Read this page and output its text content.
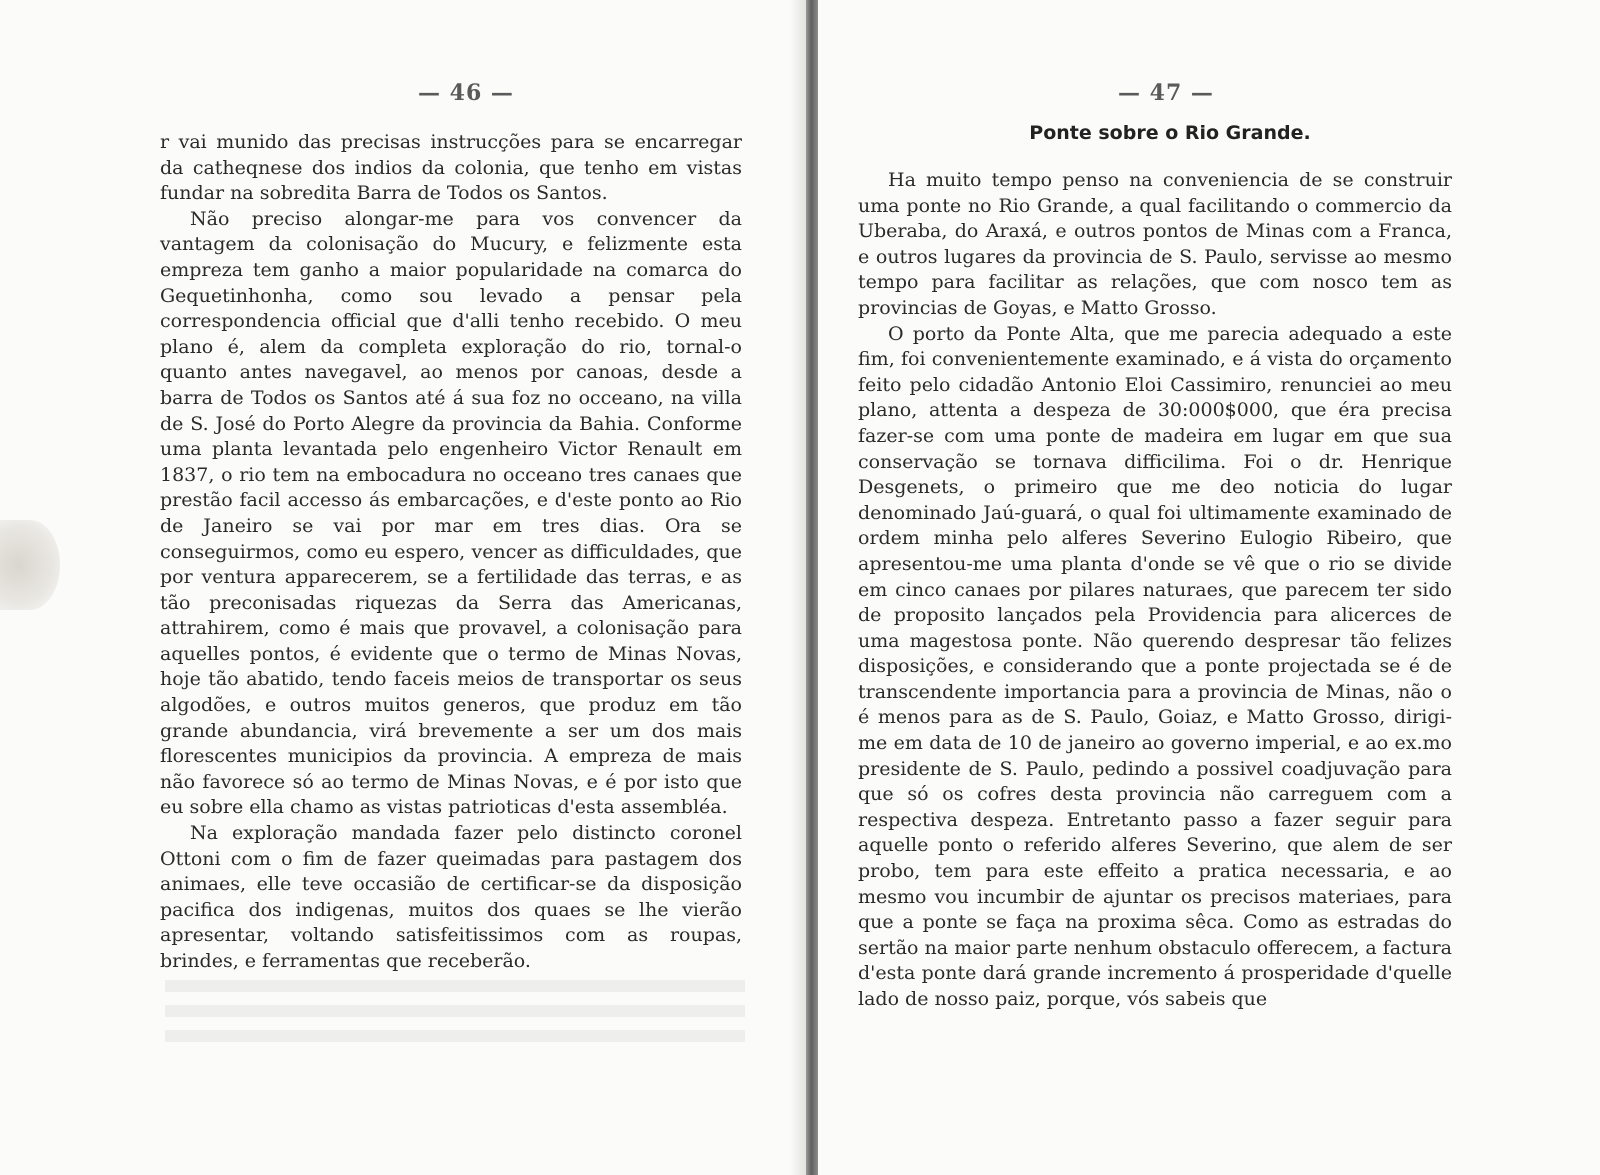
— 46 —

r vai munido das precisas instrucções para se encarregar da catheqnese dos indios da colonia, que tenho em vistas fundar na sobredita Barra de Todos os Santos.

Não preciso alongar-me para vos convencer da vantagem da colonisação do Mucury, e felizmente esta empreza tem ganho a maior popularidade na comarca do Gequetinhonha, como sou levado a pensar pela correspondencia official que d'alli tenho recebido. O meu plano é, alem da completa exploração do rio, tornal-o quanto antes navegavel, ao menos por canoas, desde a barra de Todos os Santos até á sua foz no occeano, na villa de S. José do Porto Alegre da provincia da Bahia. Conforme uma planta levantada pelo engenheiro Victor Renault em 1837, o rio tem na embocadura no occeano tres canaes que prestão facil accesso ás embarcações, e d'este ponto ao Rio de Janeiro se vai por mar em tres dias. Ora se conseguirmos, como eu espero, vencer as difficuldades, que por ventura apparecerem, se a fertilidade das terras, e as tão preconisadas riquezas da Serra das Americanas, attrahirem, como é mais que provavel, a colonisação para aquelles pontos, é evidente que o termo de Minas Novas, hoje tão abatido, tendo faceis meios de transportar os seus algodões, e outros muitos generos, que produz em tão grande abundancia, virá brevemente a ser um dos mais florescentes municipios da provincia. A empreza de mais não favorece só ao termo de Minas Novas, e é por isto que eu sobre ella chamo as vistas patrioticas d'esta assembléa.

Na exploração mandada fazer pelo distincto coronel Ottoni com o fim de fazer queimadas para pastagem dos animaes, elle teve occasião de certificar-se da disposição pacifica dos indigenas, muitos dos quaes se lhe vierão apresentar, voltando satisfeitissimos com as roupas, brindes, e ferramentas que receberão.

— 47 —
Ponte sobre o Rio Grande.

Ha muito tempo penso na conveniencia de se construir uma ponte no Rio Grande, a qual facilitando o commercio da Uberaba, do Araxá, e outros pontos de Minas com a Franca, e outros lugares da provincia de S. Paulo, servisse ao mesmo tempo para facilitar as relações, que com nosco tem as provincias de Goyas, e Matto Grosso.

O porto da Ponte Alta, que me parecia adequado a este fim, foi convenientemente examinado, e á vista do orçamento feito pelo cidadão Antonio Eloi Cassimiro, renunciei ao meu plano, attenta a despeza de 30:000$000, que éra precisa fazer-se com uma ponte de madeira em lugar em que sua conservação se tornava difficilima. Foi o dr. Henrique Desgenets, o primeiro que me deo noticia do lugar denominado Jaú-guará, o qual foi ultimamente examinado de ordem minha pelo alferes Severino Eulogio Ribeiro, que apresentou-me uma planta d'onde se vê que o rio se divide em cinco canaes por pilares naturaes, que parecem ter sido de proposito lançados pela Providencia para alicerces de uma magestosa ponte. Não querendo despresar tão felizes disposições, e considerando que a ponte projectada se é de transcendente importancia para a provincia de Minas, não o é menos para as de S. Paulo, Goiaz, e Matto Grosso, dirigi-me em data de 10 de janeiro ao governo imperial, e ao ex.mo presidente de S. Paulo, pedindo a possivel coadjuvação para que só os cofres desta provincia não carreguem com a respectiva despeza. Entretanto passo a fazer seguir para aquelle ponto o referido alferes Severino, que alem de ser probo, tem para este effeito a pratica necessaria, e ao mesmo vou incumbir de ajuntar os precisos materiaes, para que a ponte se faça na proxima sêca. Como as estradas do sertão na maior parte nenhum obstaculo offerecem, a factura d'esta ponte dará grande incremento á prosperidade d'quelle lado de nosso paiz, porque, vós sabeis que
